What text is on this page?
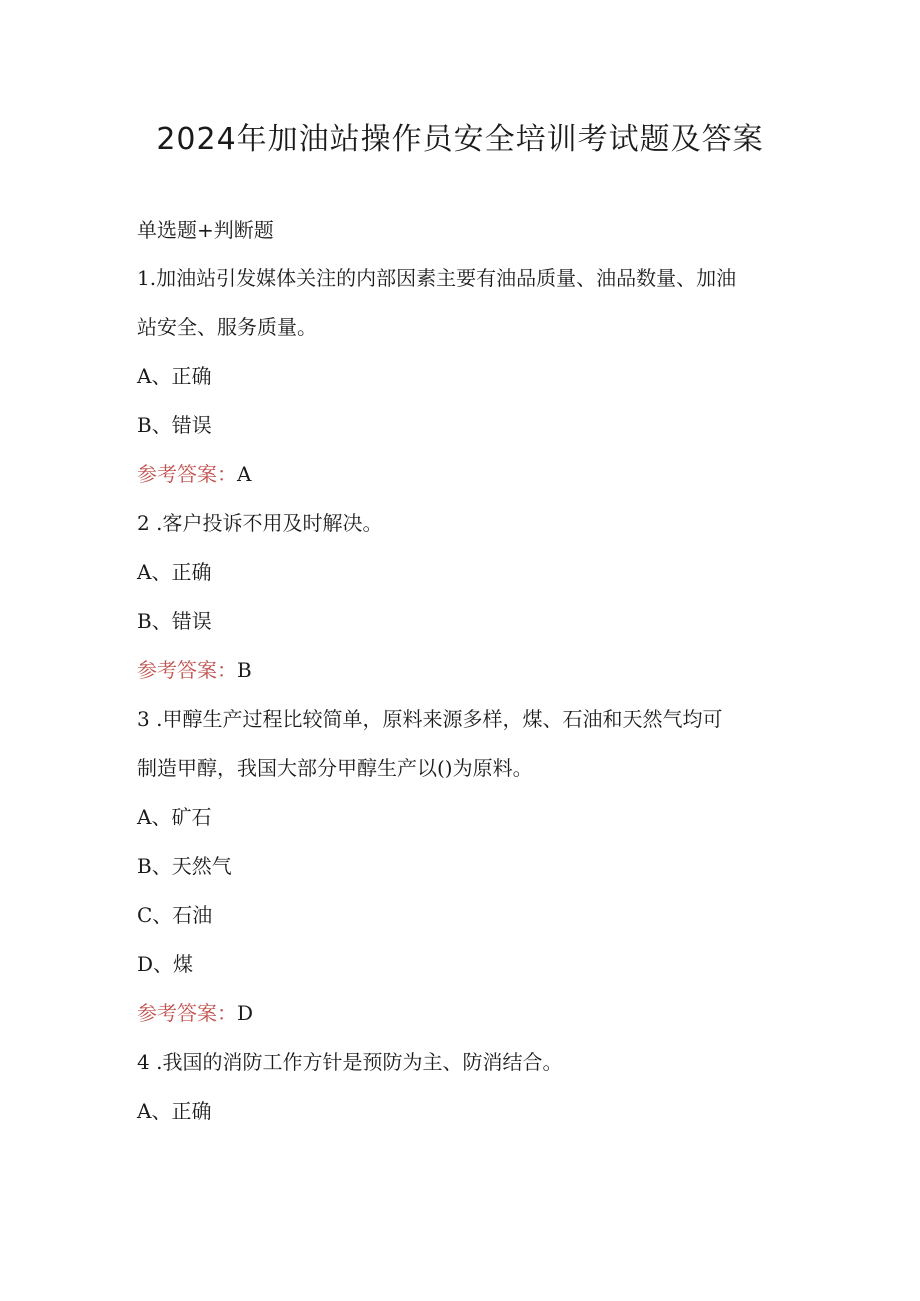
2024年加油站操作员安全培训考试题及答案

单选题+判断题

1.加油站引发媒体关注的内部因素主要有油品质量、油品数量、加油

站安全、服务质量。

A、正确

B、错误

参考答案：A

2 .客户投诉不用及时解决。

A、正确

B、错误

参考答案：B

3 .甲醇生产过程比较简单，原料来源多样，煤、石油和天然气均可

制造甲醇，我国大部分甲醇生产以()为原料。

A、矿石

B、天然气

C、石油

D、煤

参考答案：D

4 .我国的消防工作方针是预防为主、防消结合。

A、正确
